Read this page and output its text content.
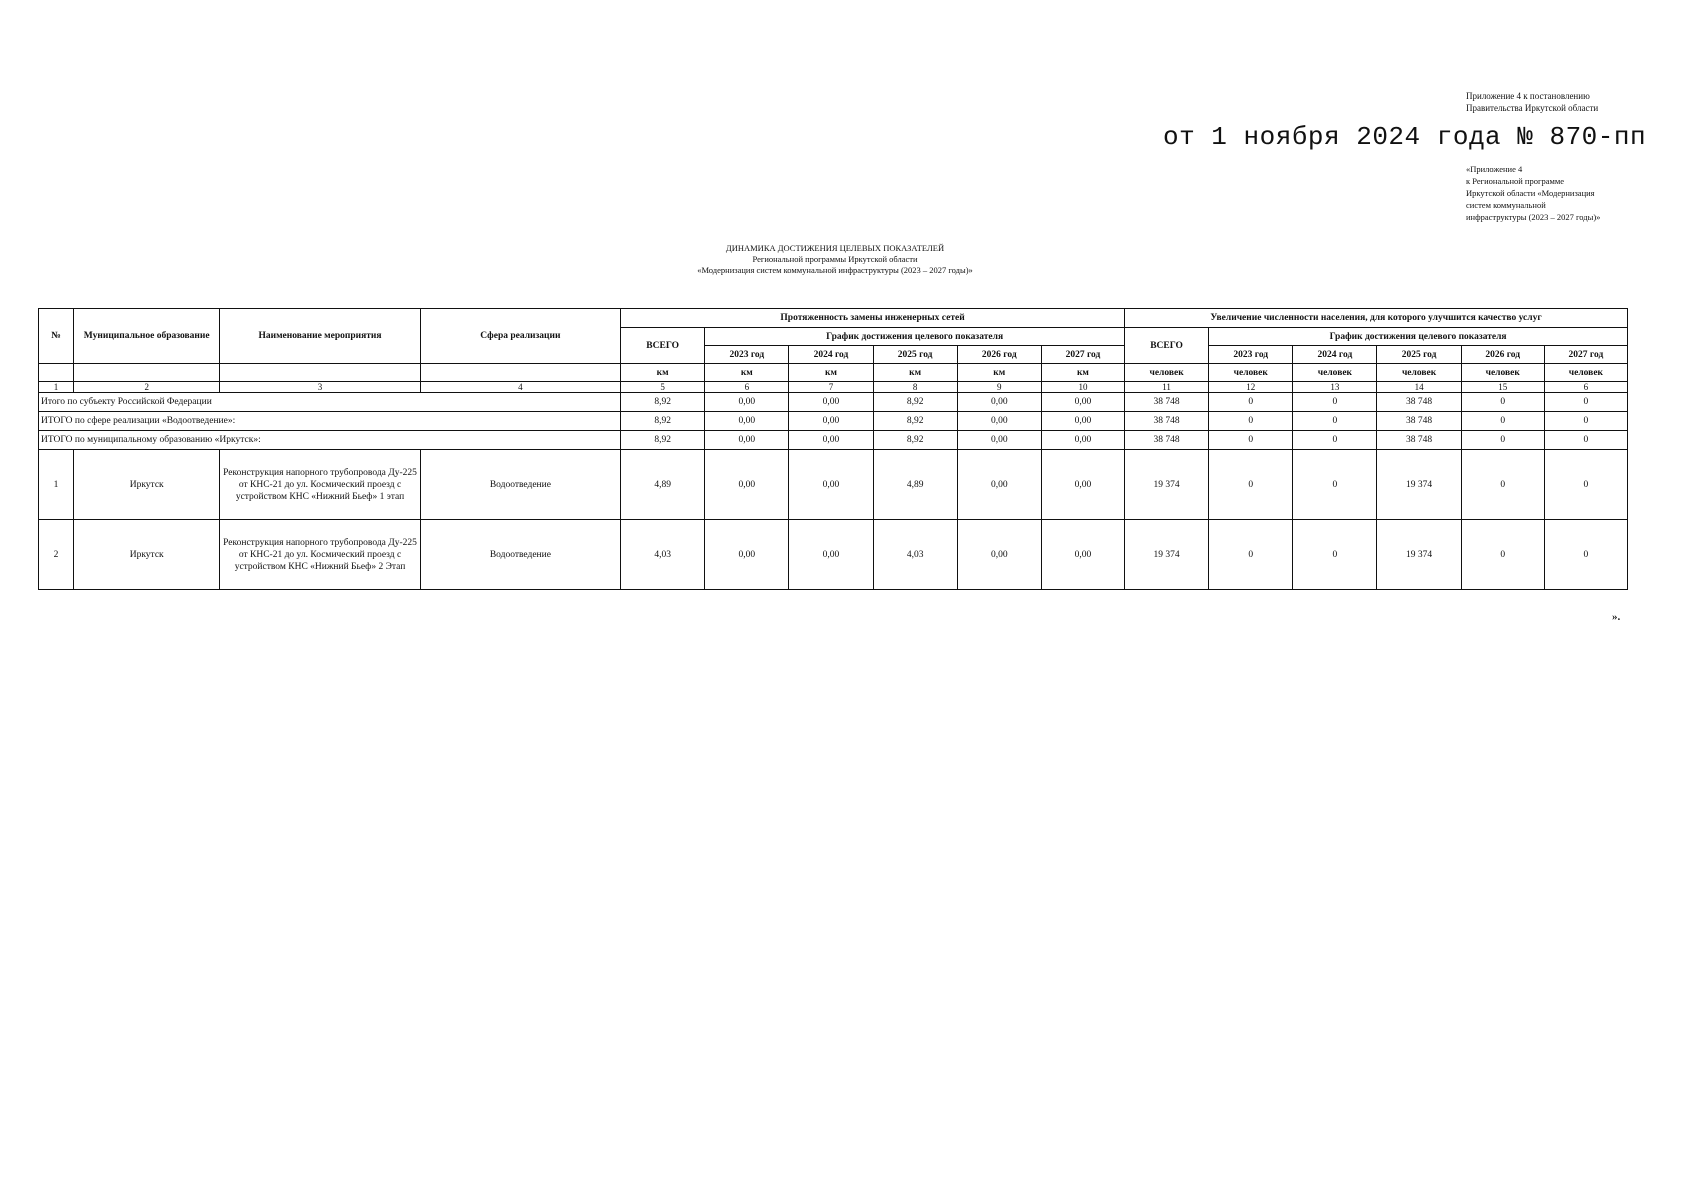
Приложение 4 к постановлению
Правительства Иркутской области
от 1 ноября 2024 года № 870-пп
«Приложение 4
к Региональной программе
Иркутской области «Модернизация
систем коммунальной
инфраструктуры (2023 – 2027 годы)»
ДИНАМИКА ДОСТИЖЕНИЯ ЦЕЛЕВЫХ ПОКАЗАТЕЛЕЙ
Региональной программы Иркутской области
«Модернизация систем коммунальной инфраструктуры (2023 – 2027 годы)»
№	Муниципальное образование	Наименование мероприятия	Сфера реализации	Протяженность замены инженерных сетей						Увеличение численности населения, для которого улучшится качество услуг					
				ВСЕГО	График достижения целевого показателя					ВСЕГО	График достижения целевого показателя				
					2023 год	2024 год	2025 год	2026 год	2027 год		2023 год	2024 год	2025 год	2026 год	2027 год
				км	км	км	км	км	км	человек	человек	человек	человек	человек	человек
1	2	3	4	5	6	7	8	9	10	11	12	13	14	15	6
Итого по субъекту Российской Федерации				8,92	0,00	0,00	8,92	0,00	0,00	38 748	0	0	38 748	0	0
ИТОГО по сфере реализации «Водоотведение»:				8,92	0,00	0,00	8,92	0,00	0,00	38 748	0	0	38 748	0	0
ИТОГО по муниципальному образованию «Иркутск»:				8,92	0,00	0,00	8,92	0,00	0,00	38 748	0	0	38 748	0	0
1	Иркутск	Реконструкция напорного трубопровода Ду-225 от КНС-21 до ул. Космический проезд с устройством КНС «Нижний Бьеф» 1 этап	Водоотведение	4,89	0,00	0,00	4,89	0,00	0,00	19 374	0	0	19 374	0	0
2	Иркутск	Реконструкция напорного трубопровода Ду-225 от КНС-21 до ул. Космический проезд с устройством КНС «Нижний Бьеф» 2 Этап	Водоотведение	4,03	0,00	0,00	4,03	0,00	0,00	19 374	0	0	19 374	0	0
».
